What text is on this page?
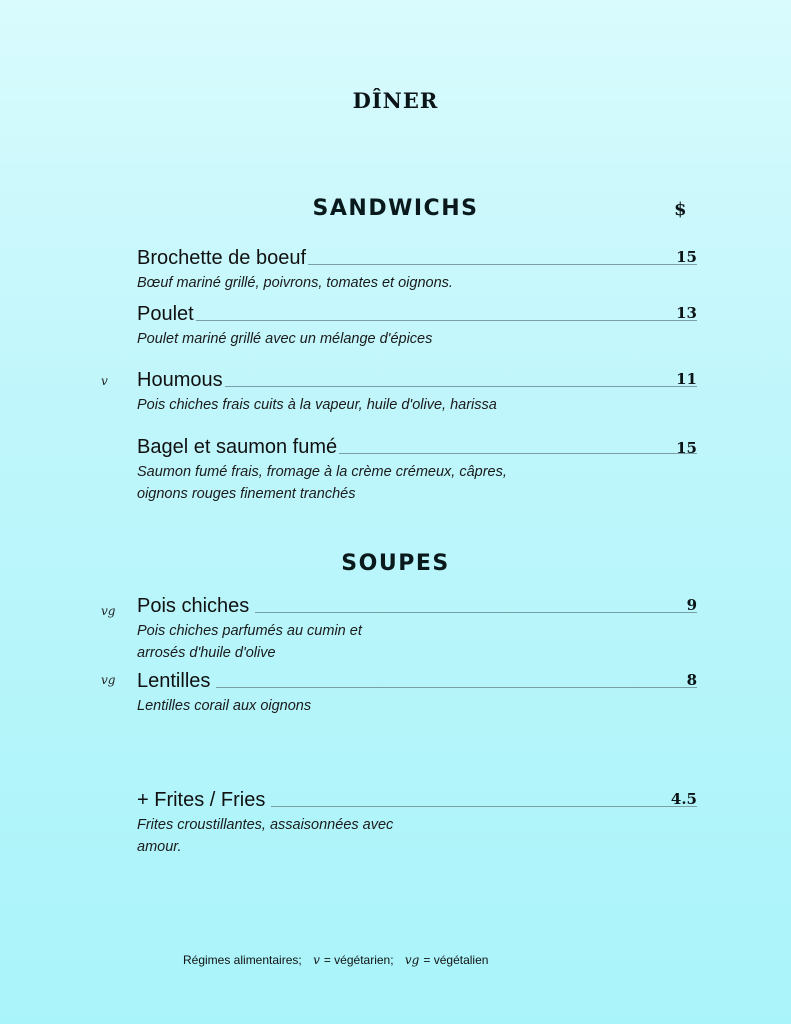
DÎNER
SANDWICHS	$
Brochette de boeuf	15
Bœuf mariné grillé, poivrons, tomates et oignons.
Poulet	13
Poulet mariné grillé avec un mélange d'épices
v Houmous	11
Pois chiches frais cuits à la vapeur, huile d'olive, harissa
Bagel et saumon fumé	15
Saumon fumé frais, fromage à la crème crémeux, câpres,
oignons rouges finement tranchés
SOUPES
vg Pois chiches	9
Pois chiches parfumés au cumin et
arrosés d'huile d'olive
vg Lentilles	8
Lentilles corail aux oignons
+ Frites / Fries	4.5
Frites croustillantes, assaisonnées avec
amour.
Régimes alimentaires; v = végétarien; vg = végétalien
